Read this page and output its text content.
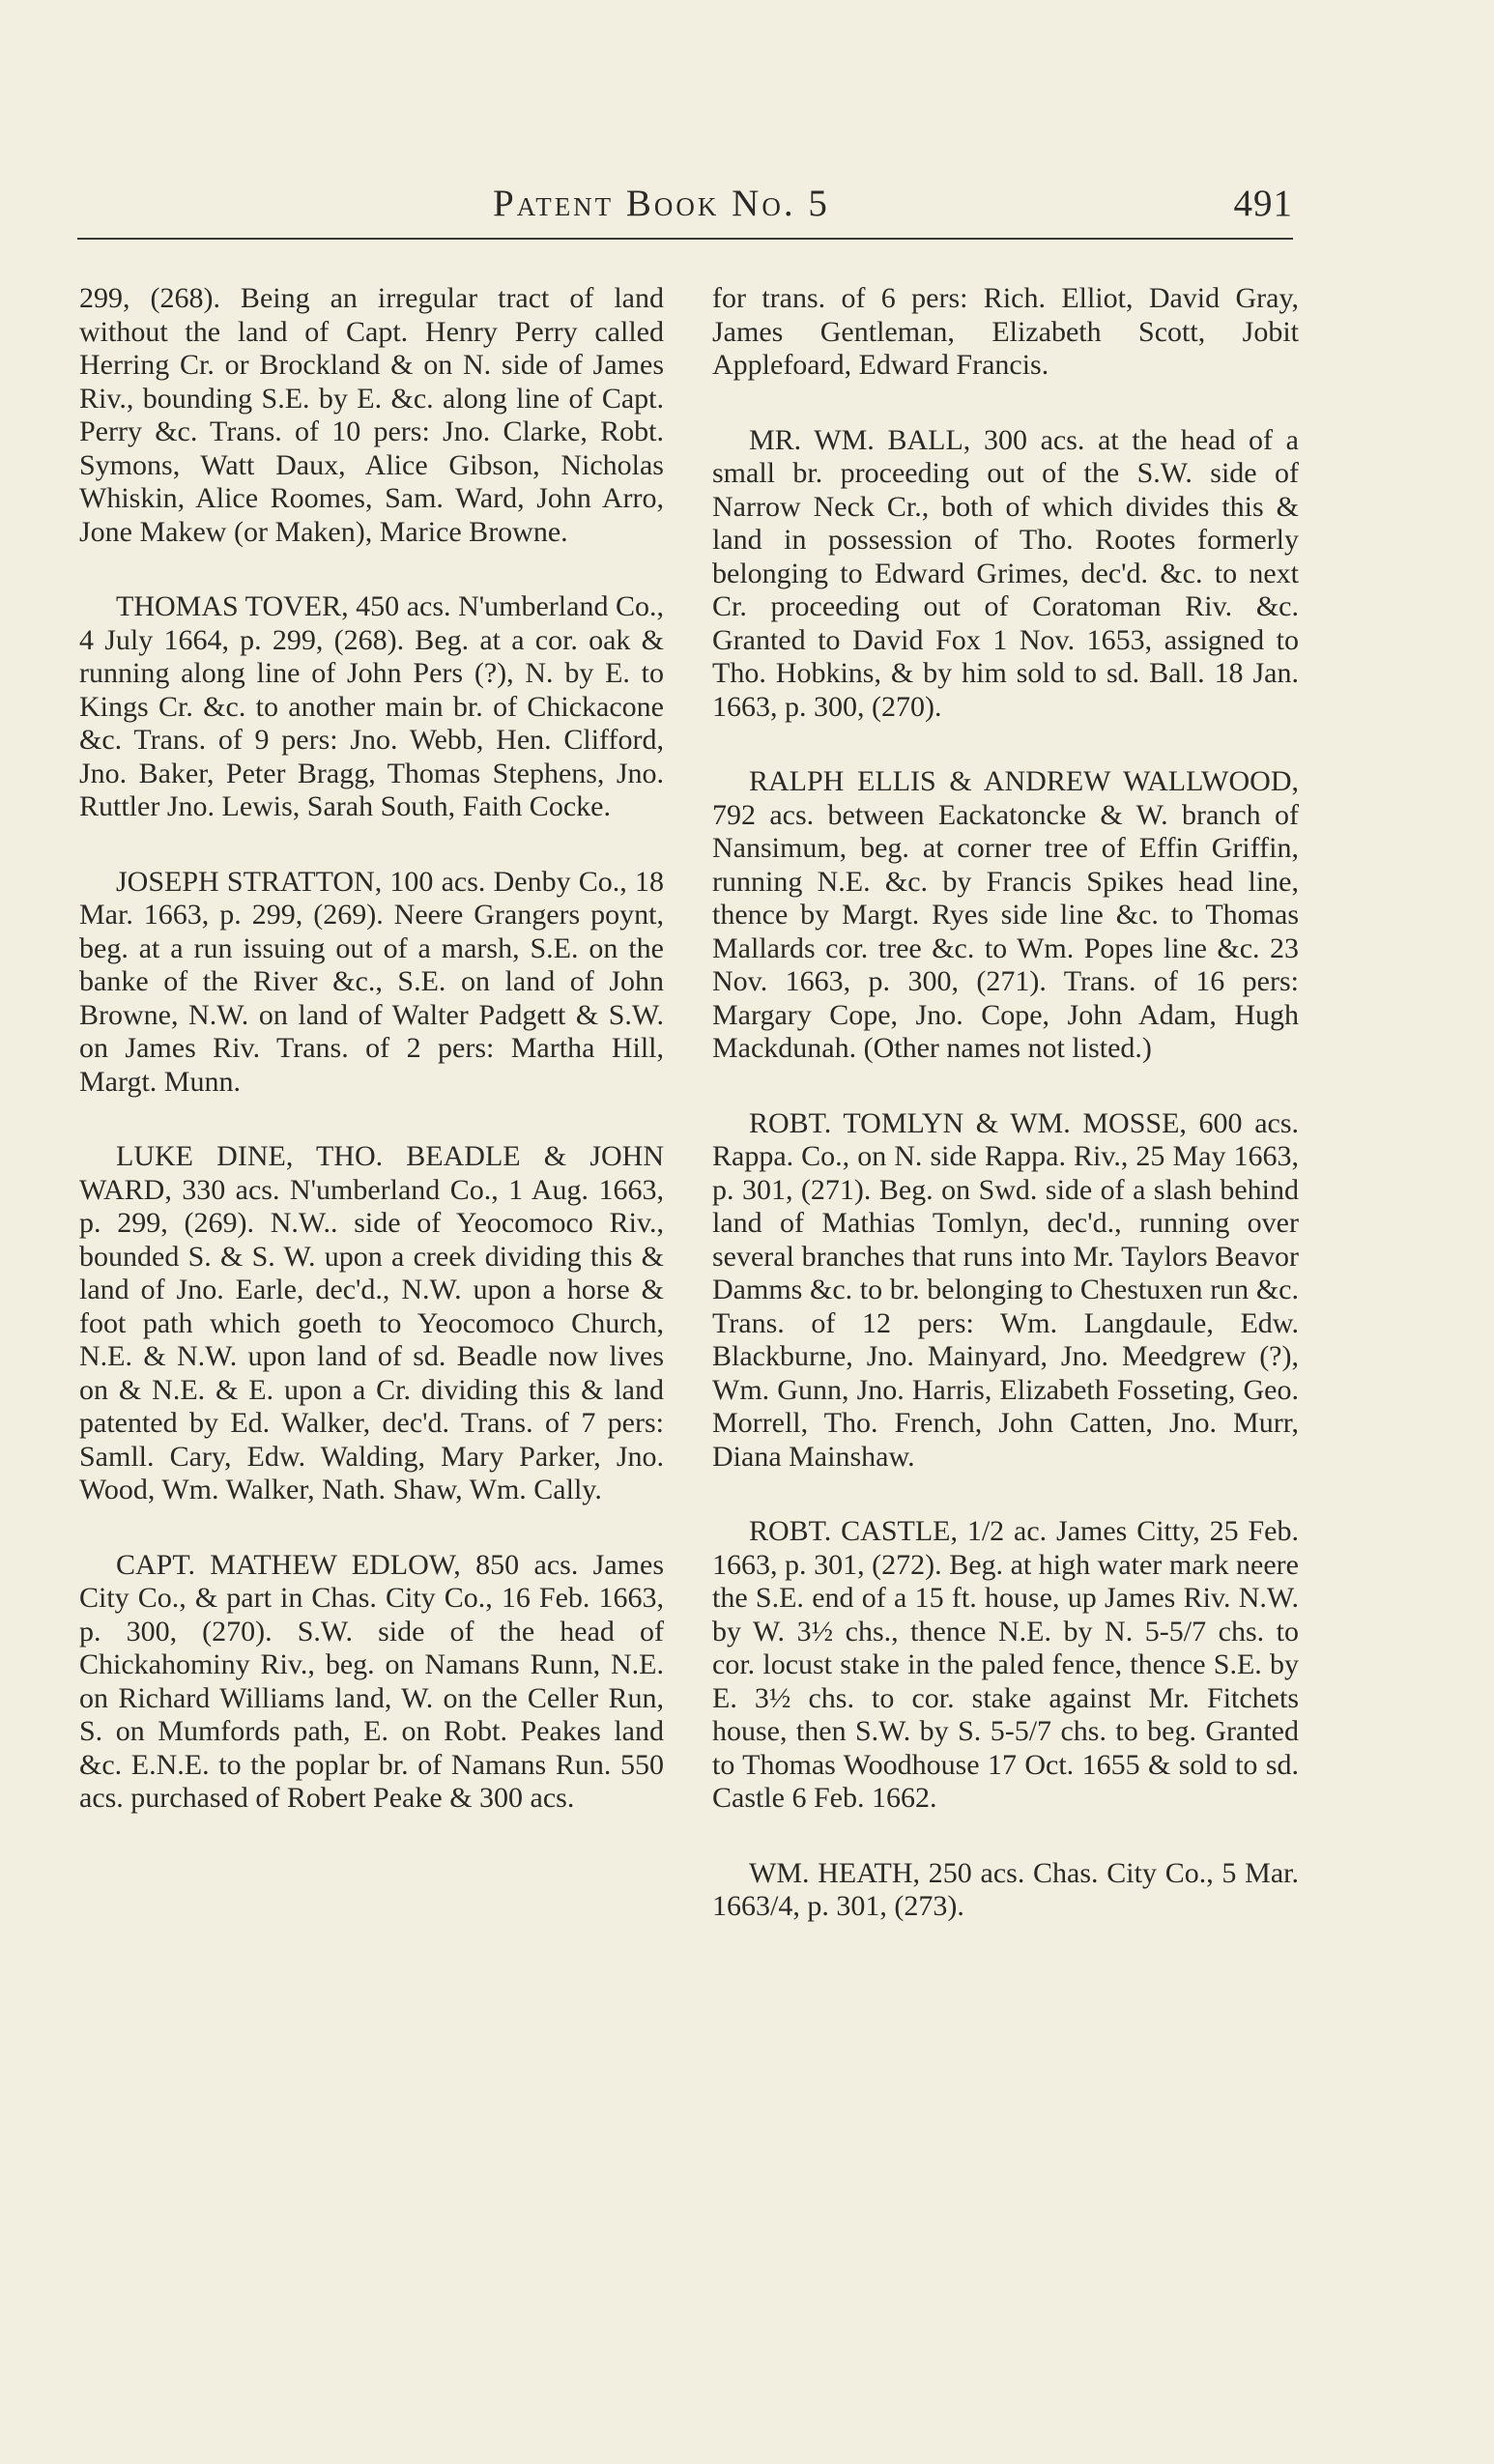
Patent Book No. 5	491

299, (268). Being an irregular tract of land without the land of Capt. Henry Perry called Herring Cr. or Brockland & on N. side of James Riv., bounding S.E. by E. &c. along line of Capt. Perry &c. Trans. of 10 pers: Jno. Clarke, Robt. Symons, Watt Daux, Alice Gibson, Nicholas Whiskin, Alice Roomes, Sam. Ward, John Arro, Jone Makew (or Maken), Marice Browne.

THOMAS TOVER, 450 acs. N'umberland Co., 4 July 1664, p. 299, (268). Beg. at a cor. oak & running along line of John Pers (?), N. by E. to Kings Cr. &c. to another main br. of Chickacone &c. Trans. of 9 pers: Jno. Webb, Hen. Clifford, Jno. Baker, Peter Bragg, Thomas Stephens, Jno. Ruttler Jno. Lewis, Sarah South, Faith Cocke.

JOSEPH STRATTON, 100 acs. Denby Co., 18 Mar. 1663, p. 299, (269). Neere Grangers poynt, beg. at a run issuing out of a marsh, S.E. on the banke of the River &c., S.E. on land of John Browne, N.W. on land of Walter Padgett & S.W. on James Riv. Trans. of 2 pers: Martha Hill, Margt. Munn.

LUKE DINE, THO. BEADLE & JOHN WARD, 330 acs. N'umberland Co., 1 Aug. 1663, p. 299, (269). N.W.. side of Yeocomoco Riv., bounded S. & S. W. upon a creek dividing this & land of Jno. Earle, dec'd., N.W. upon a horse & foot path which goeth to Yeocomoco Church, N.E. & N.W. upon land of sd. Beadle now lives on & N.E. & E. upon a Cr. dividing this & land patented by Ed. Walker, dec'd. Trans. of 7 pers: Samll. Cary, Edw. Walding, Mary Parker, Jno. Wood, Wm. Walker, Nath. Shaw, Wm. Cally.

CAPT. MATHEW EDLOW, 850 acs. James City Co., & part in Chas. City Co., 16 Feb. 1663, p. 300, (270). S.W. side of the head of Chickahominy Riv., beg. on Namans Runn, N.E. on Richard Williams land, W. on the Celler Run, S. on Mumfords path, E. on Robt. Peakes land &c. E.N.E. to the poplar br. of Namans Run. 550 acs. purchased of Robert Peake & 300 acs.

for trans. of 6 pers: Rich. Elliot, David Gray, James Gentleman, Elizabeth Scott, Jobit Applefoard, Edward Francis.

MR. WM. BALL, 300 acs. at the head of a small br. proceeding out of the S.W. side of Narrow Neck Cr., both of which divides this & land in possession of Tho. Rootes formerly belonging to Edward Grimes, dec'd. &c. to next Cr. proceeding out of Coratoman Riv. &c. Granted to David Fox 1 Nov. 1653, assigned to Tho. Hobkins, & by him sold to sd. Ball. 18 Jan. 1663, p. 300, (270).

RALPH ELLIS & ANDREW WALLWOOD, 792 acs. between Eackatoncke & W. branch of Nansimum, beg. at corner tree of Effin Griffin, running N.E. &c. by Francis Spikes head line, thence by Margt. Ryes side line &c. to Thomas Mallards cor. tree &c. to Wm. Popes line &c. 23 Nov. 1663, p. 300, (271). Trans. of 16 pers: Margary Cope, Jno. Cope, John Adam, Hugh Mackdunah. (Other names not listed.)

ROBT. TOMLYN & WM. MOSSE, 600 acs. Rappa. Co., on N. side Rappa. Riv., 25 May 1663, p. 301, (271). Beg. on Swd. side of a slash behind land of Mathias Tomlyn, dec'd., running over several branches that runs into Mr. Taylors Beavor Damms &c. to br. belonging to Chestuxen run &c. Trans. of 12 pers: Wm. Langdaule, Edw. Blackburne, Jno. Mainyard, Jno. Meedgrew (?), Wm. Gunn, Jno. Harris, Elizabeth Fosseting, Geo. Morrell, Tho. French, John Catten, Jno. Murr, Diana Mainshaw.

ROBT. CASTLE, 1/2 ac. James Citty, 25 Feb. 1663, p. 301, (272). Beg. at high water mark neere the S.E. end of a 15 ft. house, up James Riv. N.W. by W. 3½ chs., thence N.E. by N. 5-5/7 chs. to cor. locust stake in the paled fence, thence S.E. by E. 3½ chs. to cor. stake against Mr. Fitchets house, then S.W. by S. 5-5/7 chs. to beg. Granted to Thomas Woodhouse 17 Oct. 1655 & sold to sd. Castle 6 Feb. 1662.

WM. HEATH, 250 acs. Chas. City Co., 5 Mar. 1663/4, p. 301, (273).
